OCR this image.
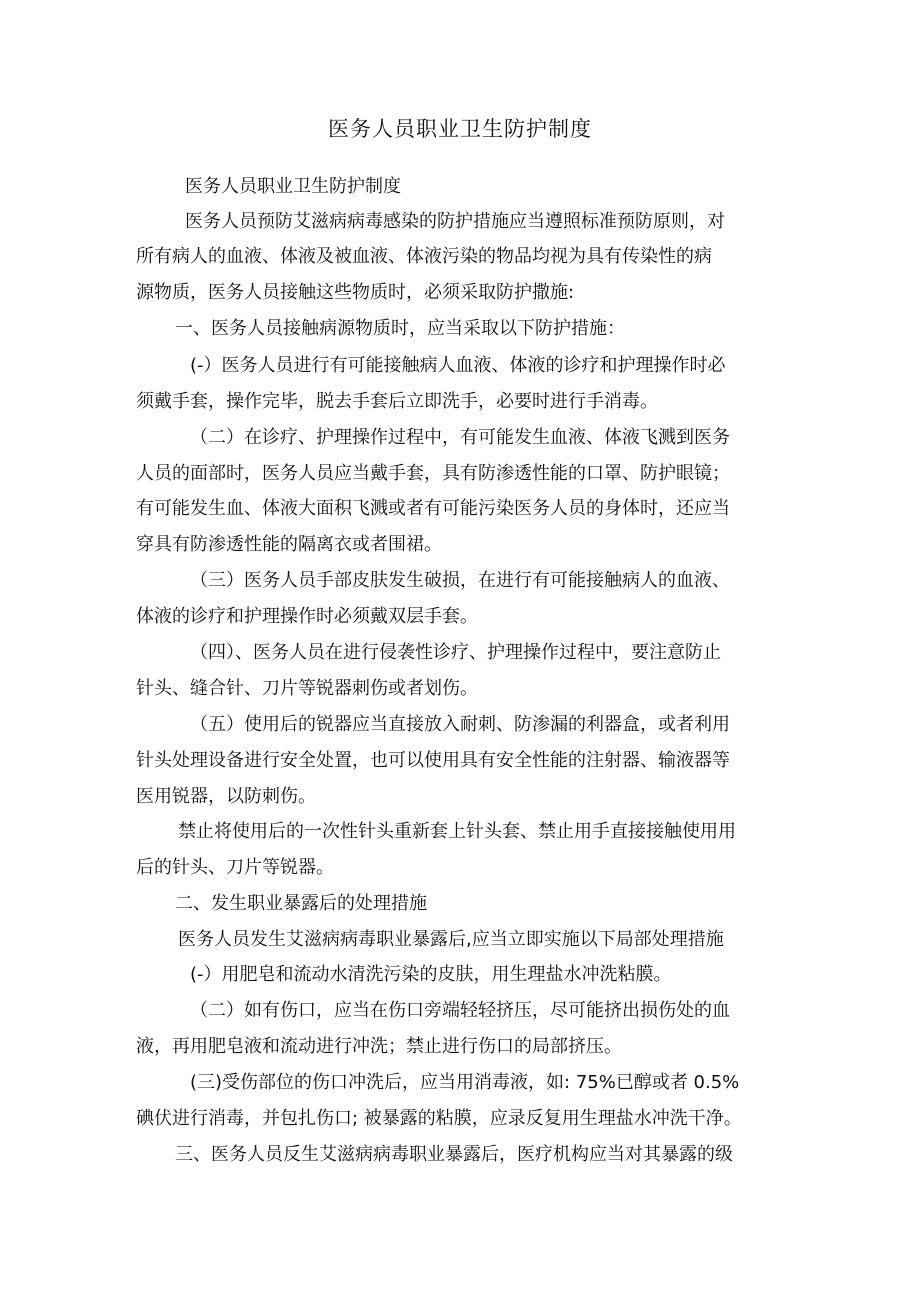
医务人员职业卫生防护制度
医务人员职业卫生防护制度
医务人员预防艾滋病病毒感染的防护措施应当遵照标准预防原则，对
所有病人的血液、体液及被血液、体液污染的物品均视为具有传染性的病
源物质，医务人员接触这些物质时，必须采取防护撒施:
一、医务人员接触病源物质时，应当采取以下防护措施：
(-）医务人员进行有可能接触病人血液、体液的诊疗和护理操作时必
须戴手套，操作完毕，脱去手套后立即洗手，必要时进行手消毒。
（二）在诊疗、护理操作过程中，有可能发生血液、体液飞溅到医务
人员的面部时，医务人员应当戴手套，具有防渗透性能的口罩、防护眼镜；
有可能发生血、体液大面积飞溅或者有可能污染医务人员的身体时，还应当
穿具有防渗透性能的隔离衣或者围裙。
（三）医务人员手部皮肤发生破损，在进行有可能接触病人的血液、
体液的诊疗和护理操作时必须戴双层手套。
（四）、医务人员在进行侵袭性诊疗、护理操作过程中，要注意防止
针头、缝合针、刀片等锐器刺伤或者划伤。
（五）使用后的锐器应当直接放入耐刺、防渗漏的利器盒，或者利用
针头处理设备进行安全处置，也可以使用具有安全性能的注射器、输液器等
医用锐器，以防刺伤。
禁止将使用后的一次性针头重新套上针头套、禁止用手直接接触使用用
后的针头、刀片等锐器。
二、发生职业暴露后的处理措施
医务人员发生艾滋病病毒职业暴露后,应当立即实施以下局部处理措施
(-）用肥皂和流动水清洗污染的皮肤，用生理盐水冲洗粘膜。
（二）如有伤口，应当在伤口旁端轻轻挤压，尽可能挤出损伤处的血
液，再用肥皂液和流动进行冲洗；禁止进行伤口的局部挤压。
(三)受伤部位的伤口冲洗后，应当用消毒液，如: 75%已醇或者 0.5%
碘伏进行消毒，并包扎伤口; 被暴露的粘膜，应录反复用生理盐水冲洗干净。
三、医务人员反生艾滋病病毒职业暴露后，医疗机构应当对其暴露的级
